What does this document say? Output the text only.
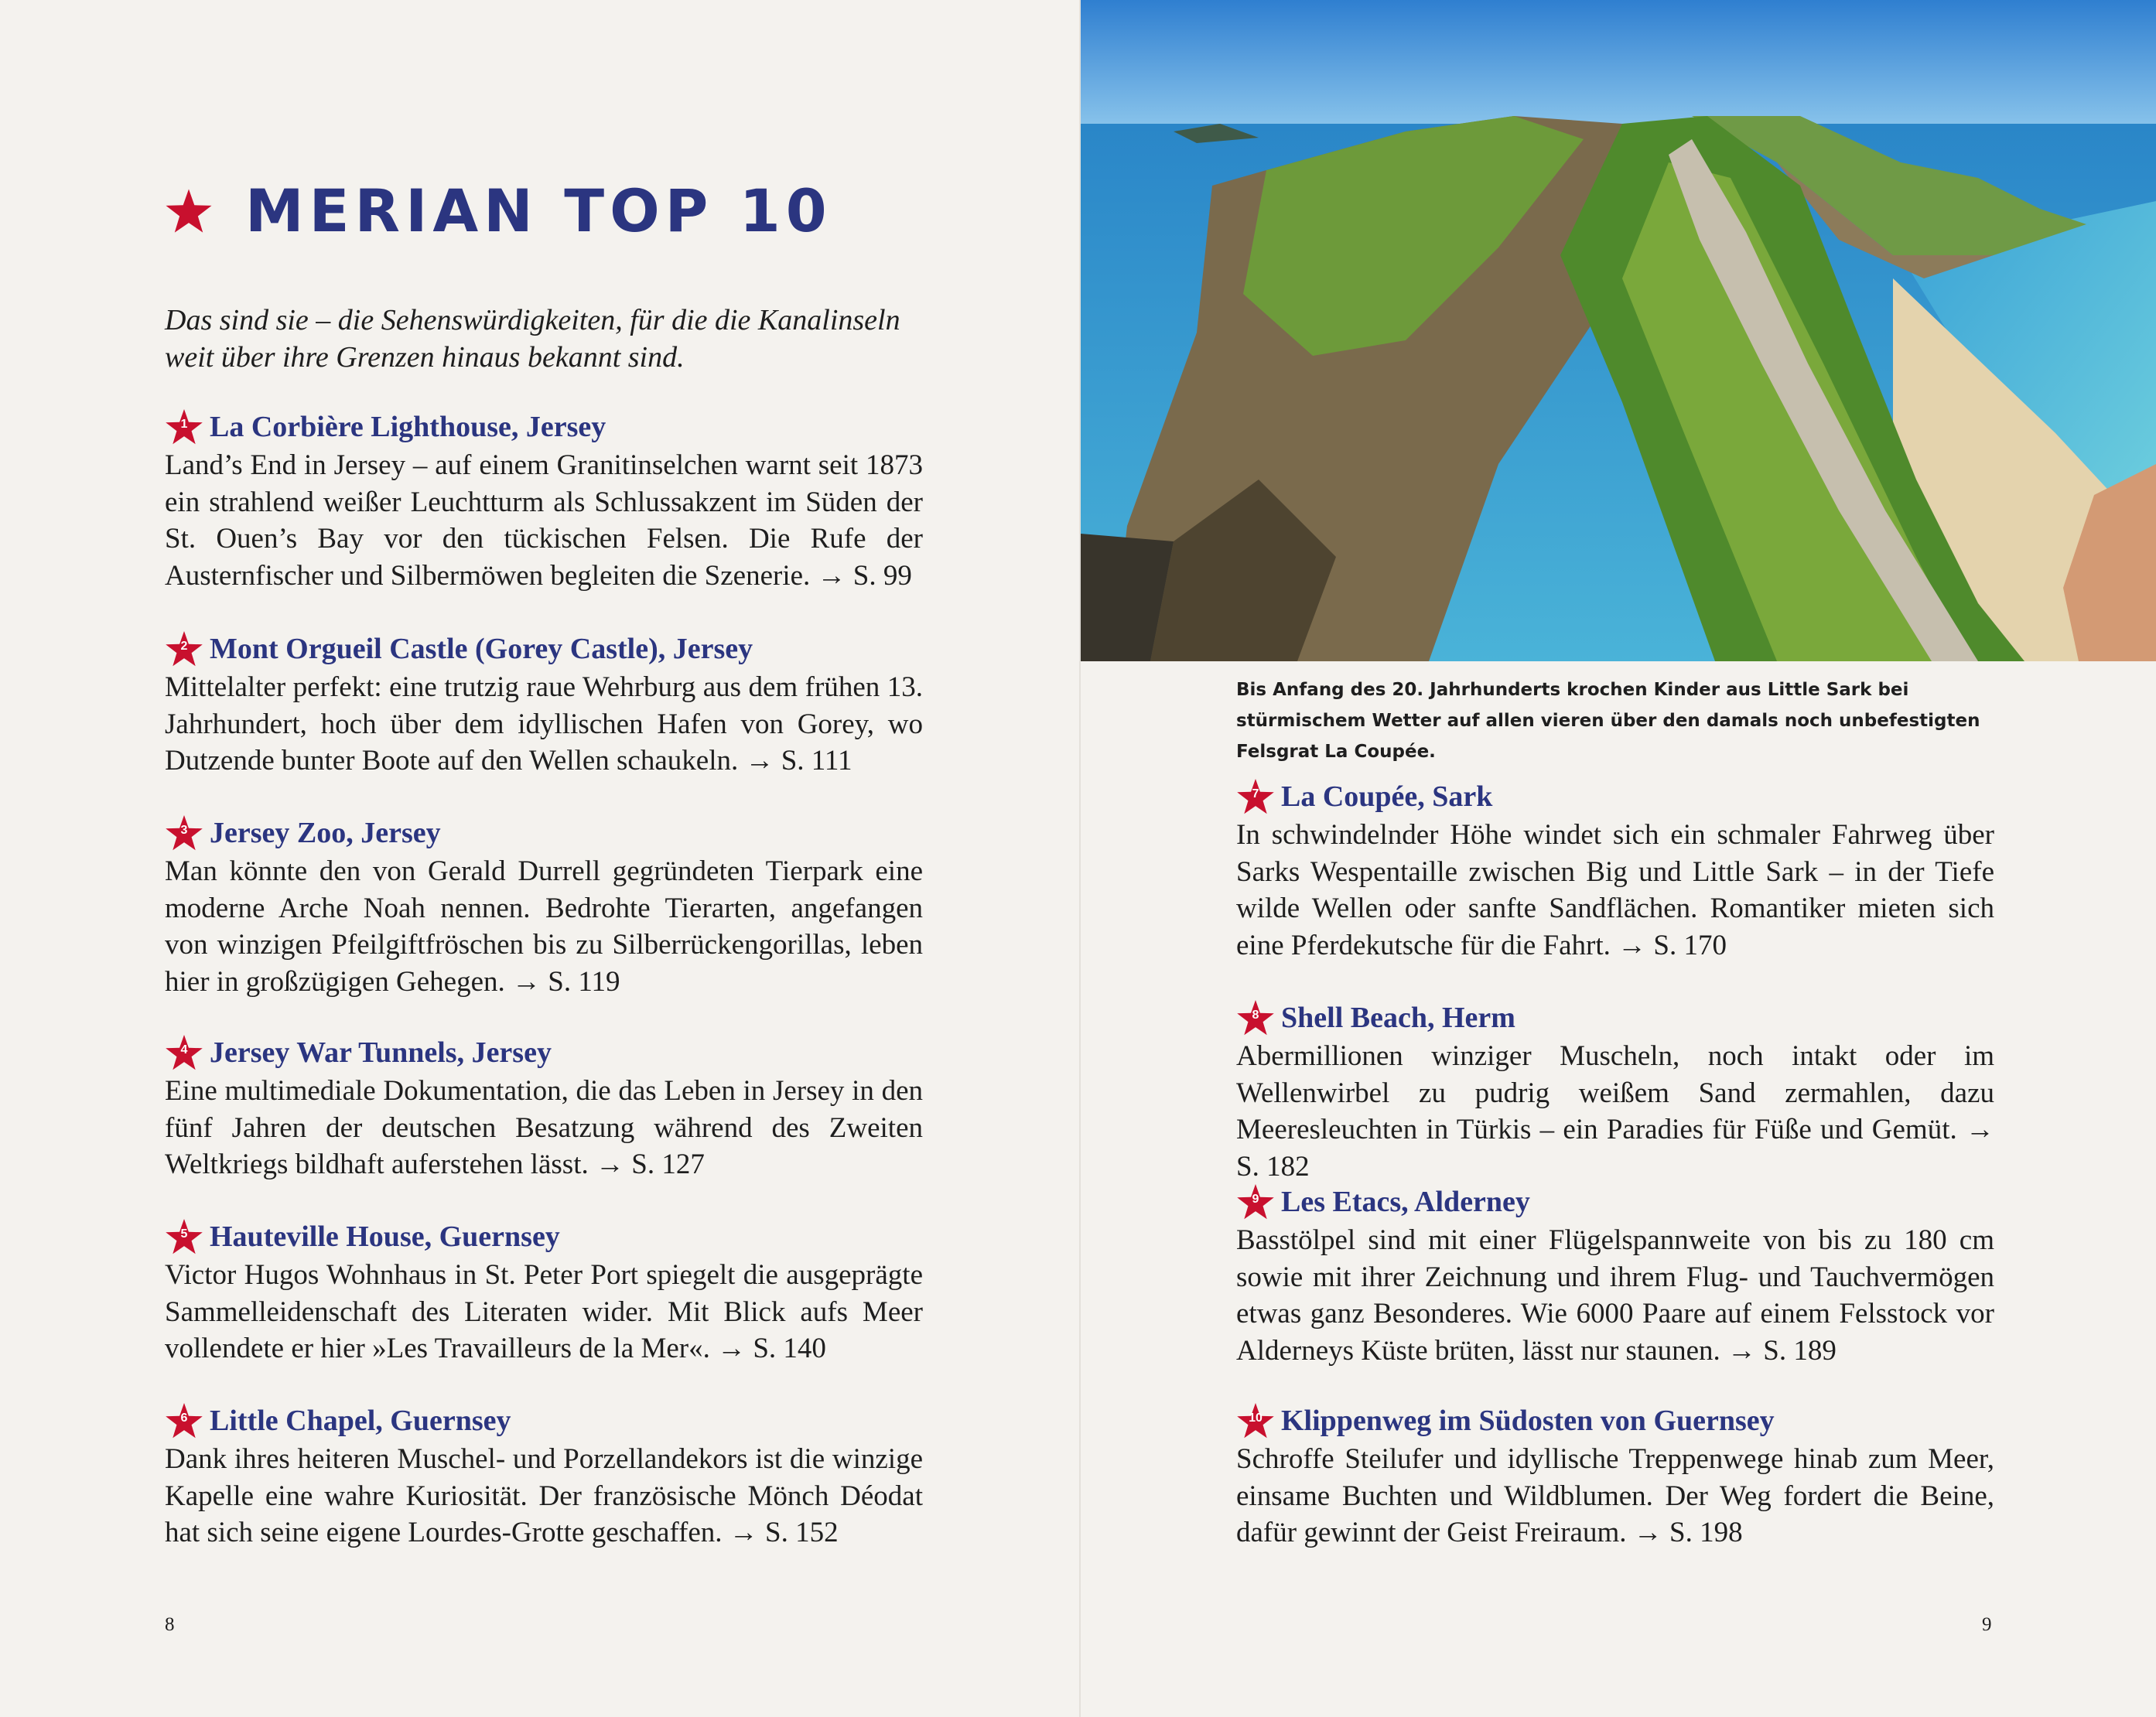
MERIAN TOP 10

Das sind sie – die Sehenswürdigkeiten, für die die Kanalinseln weit über ihre Grenzen hinaus bekannt sind.

1 La Corbière Lighthouse, Jersey

Land’s End in Jersey – auf einem Granitinselchen warnt seit 1873 ein strahlend weißer Leuchtturm als Schlussakzent im Süden der St. Ouen’s Bay vor den tückischen Felsen. Die Rufe der Austernfischer und Silbermöwen begleiten die Szenerie. → S. 99

2 Mont Orgueil Castle (Gorey Castle), Jersey

Mittelalter perfekt: eine trutzig raue Wehrburg aus dem frühen 13. Jahrhundert, hoch über dem idyllischen Hafen von Gorey, wo Dutzende bunter Boote auf den Wellen schaukeln. → S. 111

3 Jersey Zoo, Jersey

Man könnte den von Gerald Durrell gegründeten Tierpark eine moderne Arche Noah nennen. Bedrohte Tierarten, angefangen von winzigen Pfeilgiftfröschen bis zu Silberrückengorillas, leben hier in großzügigen Gehegen. → S. 119

4 Jersey War Tunnels, Jersey

Eine multimediale Dokumentation, die das Leben in Jersey in den fünf Jahren der deutschen Besatzung während des Zweiten Weltkriegs bildhaft auferstehen lässt. → S. 127

5 Hauteville House, Guernsey

Victor Hugos Wohnhaus in St. Peter Port spiegelt die ausgeprägte Sammelleidenschaft des Literaten wider. Mit Blick aufs Meer vollendete er hier »Les Travailleurs de la Mer«. → S. 140

6 Little Chapel, Guernsey

Dank ihres heiteren Muschel- und Porzellandekors ist die winzige Kapelle eine wahre Kuriosität. Der französische Mönch Déodat hat sich seine eigene Lourdes-Grotte geschaffen. → S. 152

8

Bis Anfang des 20. Jahrhunderts krochen Kinder aus Little Sark bei stürmischem Wetter auf allen vieren über den damals noch unbefestigten Felsgrat La Coupée.

7 La Coupée, Sark

In schwindelnder Höhe windet sich ein schmaler Fahrweg über Sarks Wespentaille zwischen Big und Little Sark – in der Tiefe wilde Wellen oder sanfte Sandflächen. Romantiker mieten sich eine Pferdekutsche für die Fahrt. → S. 170

8 Shell Beach, Herm

Abermillionen winziger Muscheln, noch intakt oder im Wellenwirbel zu pudrig weißem Sand zermahlen, dazu Meeresleuchten in Türkis – ein Paradies für Füße und Gemüt. → S. 182

9 Les Etacs, Alderney

Basstölpel sind mit einer Flügelspannweite von bis zu 180 cm sowie mit ihrer Zeichnung und ihrem Flug- und Tauchvermögen etwas ganz Besonderes. Wie 6000 Paare auf einem Felsstock vor Alderneys Küste brüten, lässt nur staunen. → S. 189

10 Klippenweg im Südosten von Guernsey

Schroffe Steilufer und idyllische Treppenwege hinab zum Meer, einsame Buchten und Wildblumen. Der Weg fordert die Beine, dafür gewinnt der Geist Freiraum. → S. 198

9
